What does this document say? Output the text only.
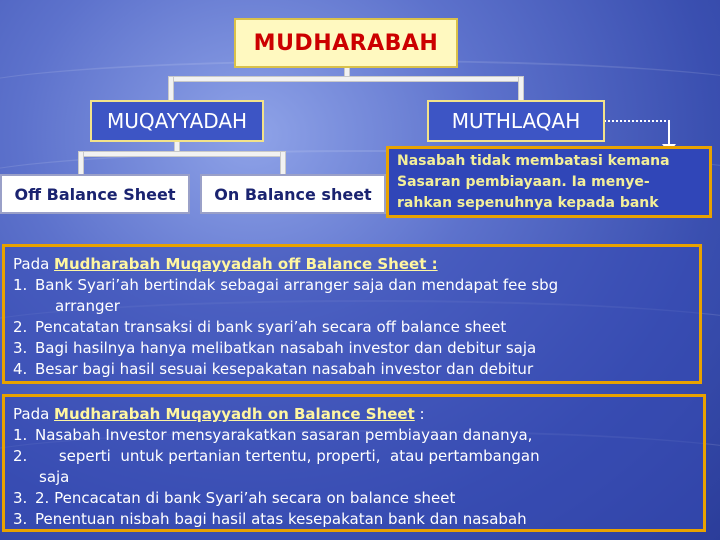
MUDHARABAH
MUQAYYADAH	MUTHLAQAH
Off Balance Sheet On Balance sheet
Nasabah tidak membatasi kemana
Sasaran pembiayaan. Ia menye-
rahkan sepenuhnya kepada bank
Pada Mudharabah Muqayyadah off Balance Sheet :
1. Bank Syari’ah bertindak sebagai arranger saja dan mendapat fee sbg
arranger
2. Pencatatan transaksi di bank syari’ah secara off balance sheet
3. Bagi hasilnya hanya melibatkan nasabah investor dan debitur saja
4. Besar bagi hasil sesuai kesepakatan nasabah investor dan debitur
Pada Mudharabah Muqayyadh on Balance Sheet :
1. Nasabah Investor mensyarakatkan sasaran pembiayaan dananya,
2. seperti  untuk pertanian tertentu, properti,  atau pertambangan
saja
3. 2. Pencacatan di bank Syari’ah secara on balance sheet
3. Penentuan nisbah bagi hasil atas kesepakatan bank dan nasabah
